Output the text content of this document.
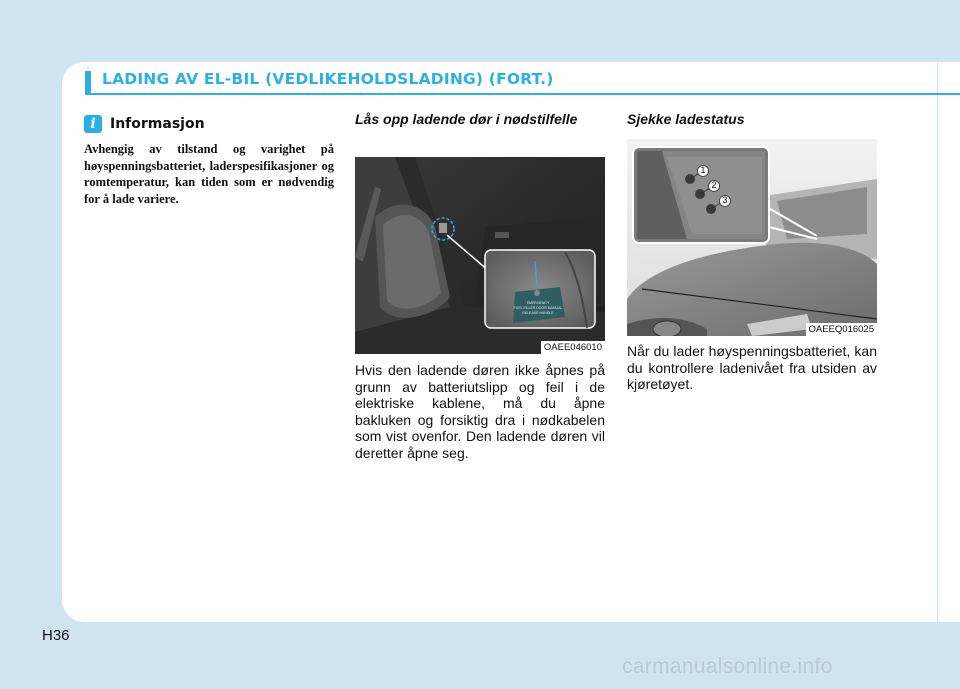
LADING AV EL-BIL (VEDLIKEHOLDSLADING) (FORT.)
i	Informasjon
Avhengig av tilstand og varighet på høyspenningsbatteriet, laderspesifikasjoner og romtemperatur, kan tiden som er nødvendig for å lade variere.
Lås opp ladende dør i nødstilfelle
EMERGENCY
FUEL FILLER DOOR MANUAL
RELEASE HANDLE
OAEE046010
Hvis den ladende døren ikke åpnes på grunn av batteriutslipp og feil i de elektriske kablene, må du åpne bakluken og forsiktig dra i nødkabelen som vist ovenfor. Den ladende døren vil deretter åpne seg.
Sjekke ladestatus
1
2
3
OAEEQ016025
Når du lader høyspenningsbatteriet, kan du kontrollere ladenivået fra utsiden av kjøretøyet.
H36
carmanualsonline.info
